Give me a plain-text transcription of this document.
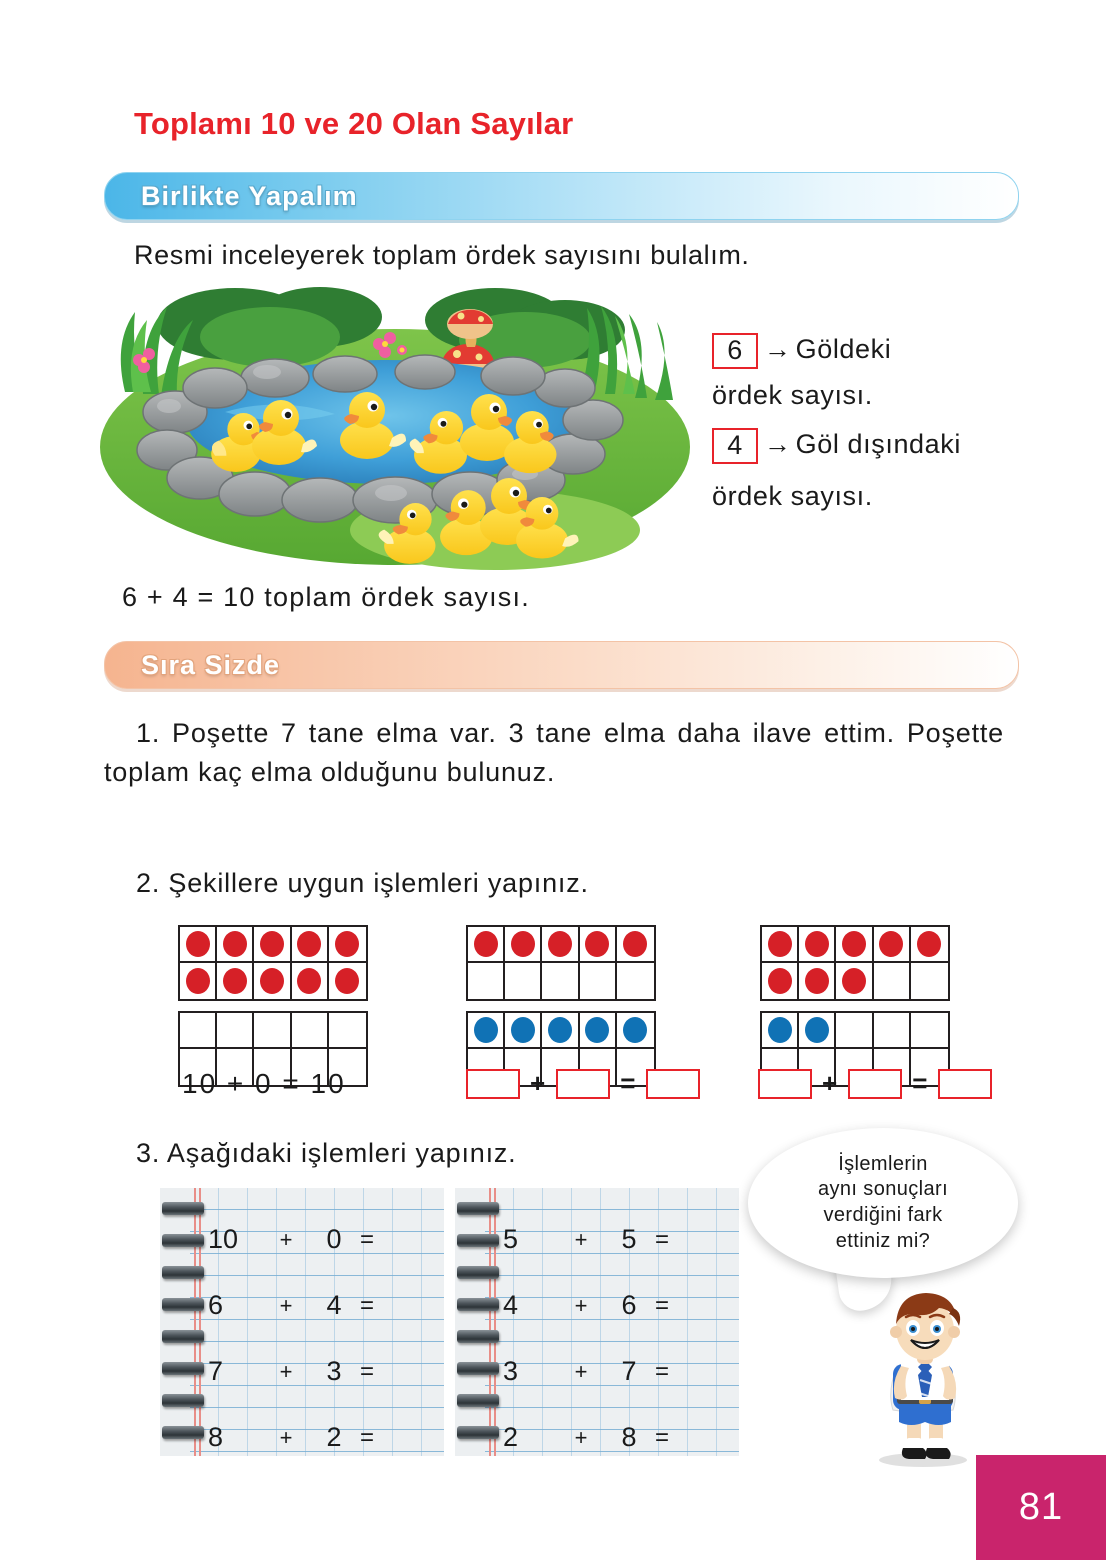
Toplamı 10 ve 20 Olan Sayılar
Birlikte Yapalım
Resmi inceleyerek toplam ördek sayısını bulalım.
6 → Göldeki
ördek sayısı.
4 → Göl dışındaki
ördek sayısı.
6 + 4 = 10 toplam ördek sayısı.
Sıra Sizde
1. Poşette 7 tane elma var. 3 tane elma daha ilave ettim. Poşette toplam kaç elma olduğunu bulunuz.
2. Şekillere uygun işlemleri yapınız.
10 + 0 = 10	+	=	+	=
3. Aşağıdaki işlemleri yapınız.
10	+	0 =
6	+	4 =
7	+	3 =
8	+	2 =
5	+	5 =
4	+	6 =
3	+	7 =
2	+	8 =
İşlemlerin
aynı sonuçları
verdiğini fark
ettiniz mi?
81
